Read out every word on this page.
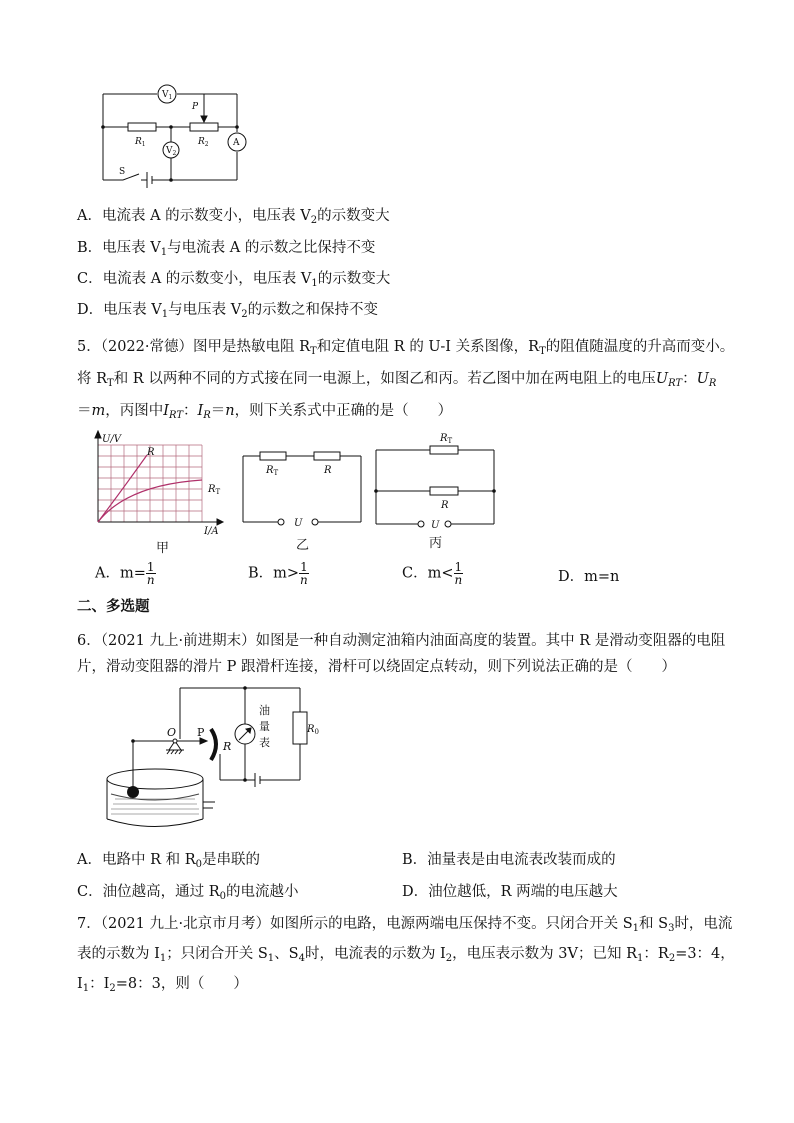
$V_1$
$V_2$
A
$R_1$	$R_2$
P
S
A．电流表 A 的示数变小，电压表 $V_2$的示数变大
B．电压表 $V_1$与电流表 A 的示数之比保持不变
C．电流表 A 的示数变小，电压表 $V_1$的示数变大
D．电压表 $V_1$与电压表 $V_2$的示数之和保持不变
5．（2022·常德）图甲是热敏电阻 $R_T$和定值电阻 R 的 U-I 关系图像，$R_T$的阻值随温度的升高而变小。
将 $R_T$和 R 以两种不同的方式接在同一电源上，如图乙和丙。若乙图中加在两电阻上的电压$U_{RT}$：$U_R$
＝m，丙图中$I_{RT}$：$I_R=n$，则下关系式中正确的是（　　）
U/V
I/A
R
$R_T$
甲
$R_T$	R
U
乙
$R_T$
R
U
丙
A．$m= \frac{1}{n}$	B．$m> \frac{1}{n}$	C．$m< \frac{1}{n}$	D．m=n
二、多选题
6．（2021 九上·前进期末）如图是一种自动测定油箱内油面高度的装置。其中 R 是滑动变阻器的电阻
片，滑动变阻器的滑片 P 跟滑杆连接，滑杆可以绕固定点转动，则下列说法正确的是（　　）
O P
R
油
量
表
$R_0$
A．电路中 R 和 $R_0$是串联的	B．油量表是由电流表改装而成的
C．油位越高，通过 $R_0$的电流越小	D．油位越低，R 两端的电压越大
7．（2021 九上·北京市月考）如图所示的电路，电源两端电压保持不变。只闭合开关 $S_1$和 $S_3$时，电流
表的示数为 $I_1$；只闭合开关 $S_1$、$S_4$时，电流表的示数为 $I_2$，电压表示数为 3V；已知 $R_1$：$R_2=3$：4，
$I_1$：$I_2=8$：3，则（　　）
